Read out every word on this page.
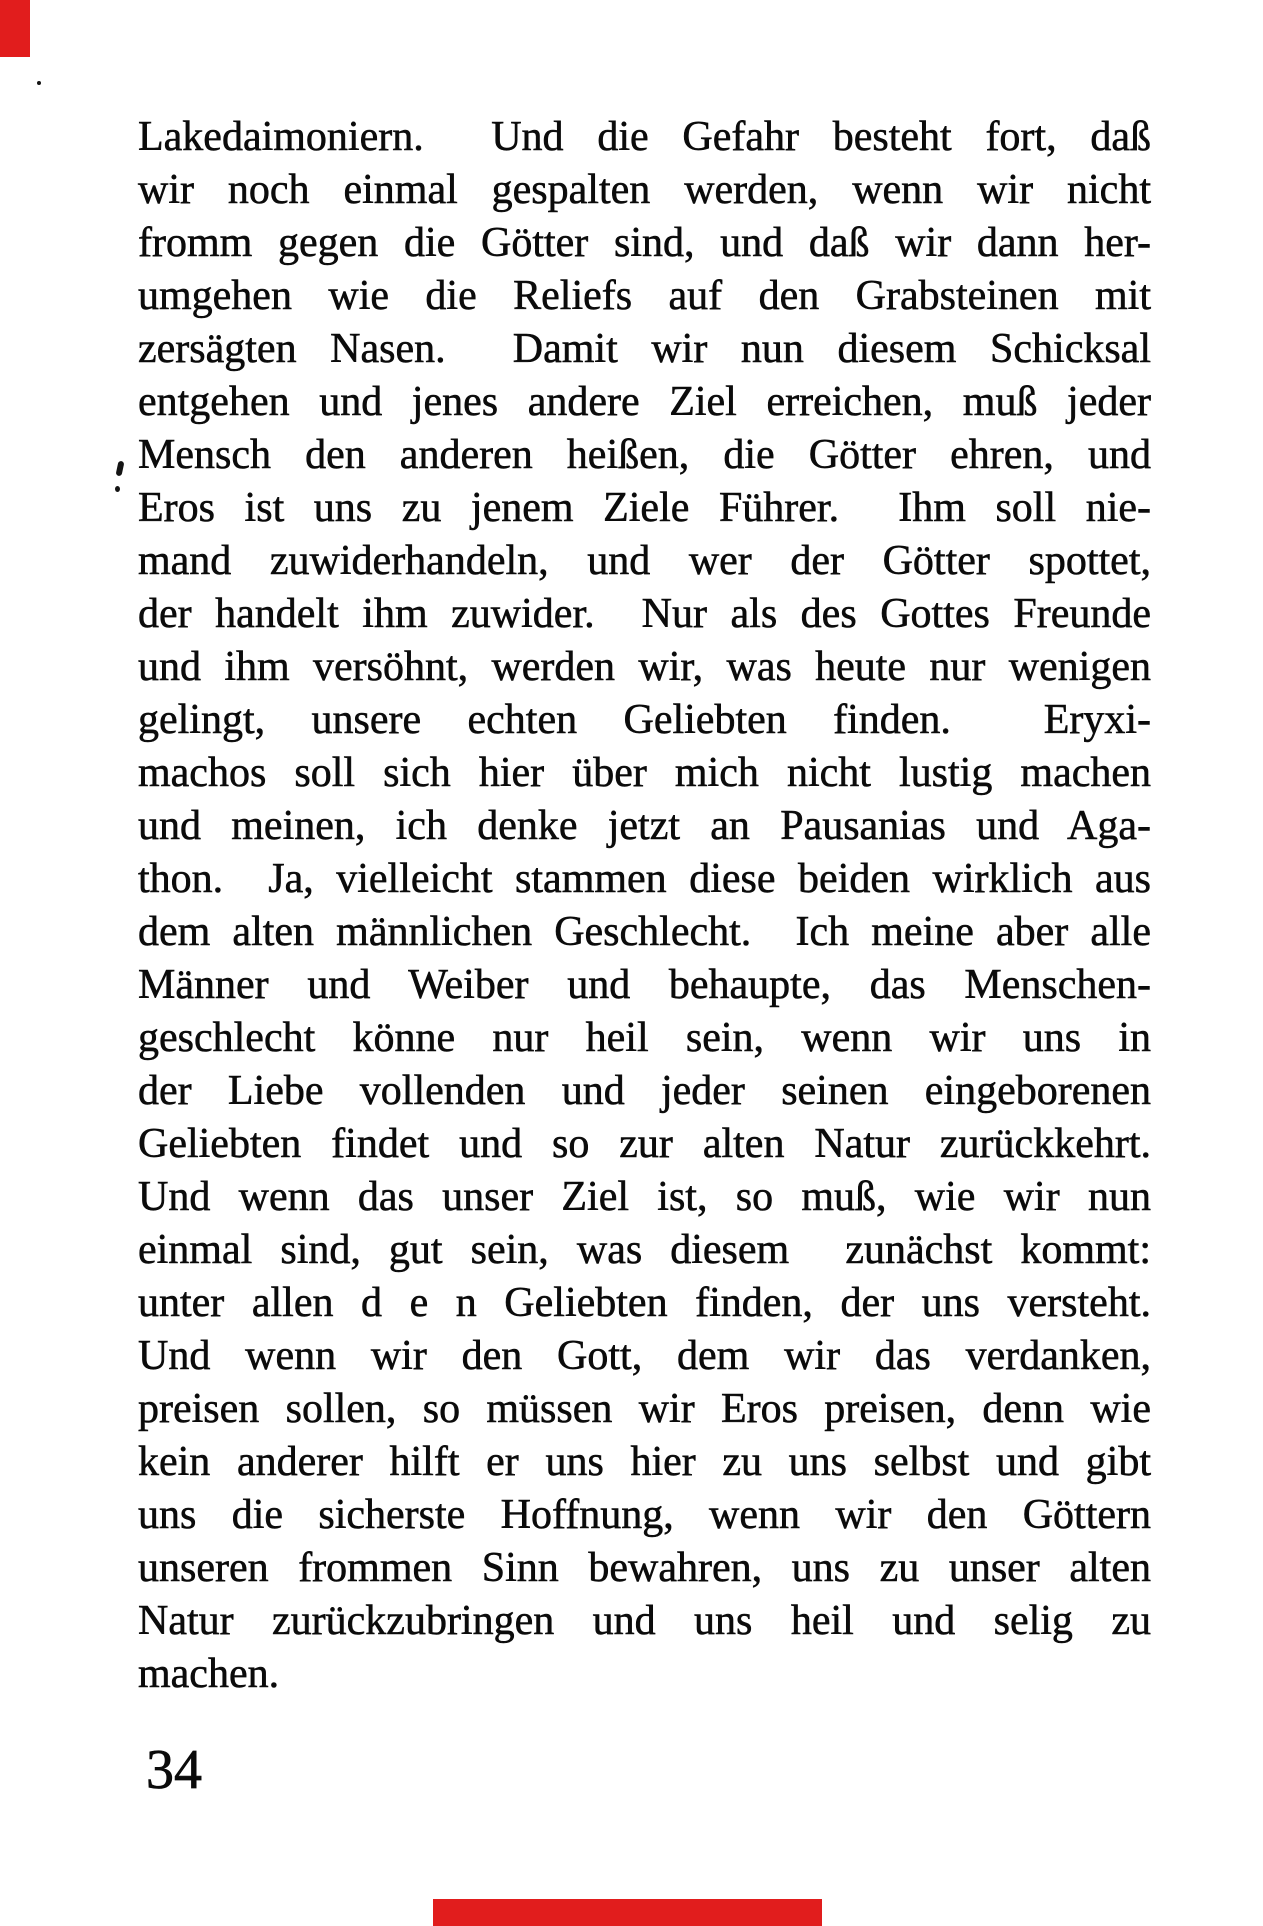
Lakedaimoniern.  Und die Gefahr besteht fort, daß
wir noch einmal gespalten werden, wenn wir nicht
fromm gegen die Götter sind, und daß wir dann her-
umgehen wie die Reliefs auf den Grabsteinen mit
zersägten Nasen.  Damit wir nun diesem Schicksal
entgehen und jenes andere Ziel erreichen, muß jeder
Mensch den anderen heißen, die Götter ehren, und
Eros ist uns zu jenem Ziele Führer.  Ihm soll nie-
mand zuwiderhandeln, und wer der Götter spottet,
der handelt ihm zuwider.  Nur als des Gottes Freunde
und ihm versöhnt, werden wir, was heute nur wenigen
gelingt, unsere echten Geliebten finden.  Eryxi-
machos soll sich hier über mich nicht lustig machen
und meinen, ich denke jetzt an Pausanias und Aga-
thon.  Ja, vielleicht stammen diese beiden wirklich aus
dem alten männlichen Geschlecht.  Ich meine aber alle
Männer und Weiber und behaupte, das Menschen-
geschlecht könne nur heil sein, wenn wir uns in
der Liebe vollenden und jeder seinen eingeborenen
Geliebten findet und so zur alten Natur zurückkehrt.
Und wenn das unser Ziel ist, so muß, wie wir nun
einmal sind, gut sein, was diesem  zunächst kommt:
unter allen d e n Geliebten finden, der uns versteht.
Und wenn wir den Gott, dem wir das verdanken,
preisen sollen, so müssen wir Eros preisen, denn wie
kein anderer hilft er uns hier zu uns selbst und gibt
uns die sicherste Hoffnung, wenn wir den Göttern
unseren frommen Sinn bewahren, uns zu unser alten
Natur zurückzubringen und uns heil und selig zu
machen.
34
